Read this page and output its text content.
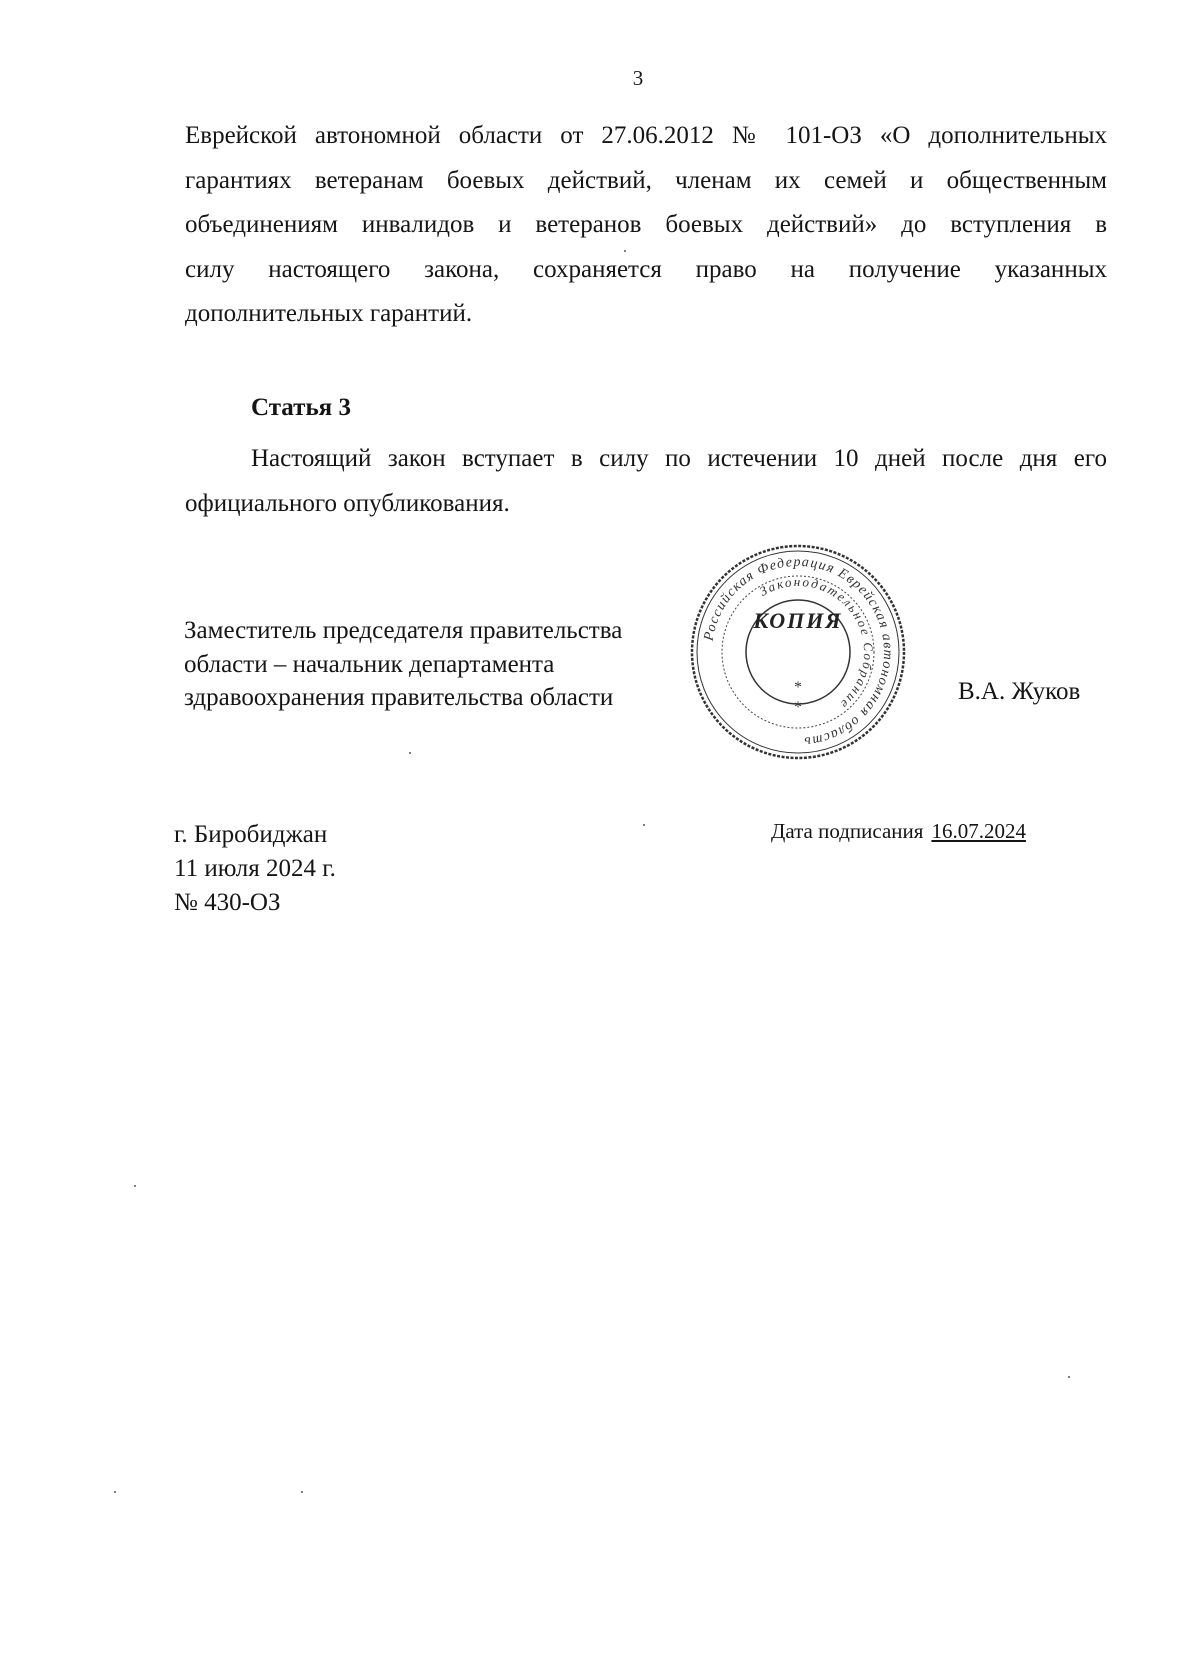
3

Еврейской автономной области от 27.06.2012 № 101-ОЗ «О дополнительных
гарантиях ветеранам боевых действий, членам их семей и общественным
объединениям инвалидов и ветеранов боевых действий» до вступления в
силу настоящего закона, сохраняется право на получение указанных
дополнительных гарантий.

Статья 3

Настоящий закон вступает в силу по истечении 10 дней после дня его
официального опубликования.

Заместитель председателя правительства
области – начальник департамента
здравоохранения правительства области
Российская Федерация Еврейская автономная область
Законодательное Собрание
КОПИЯ
*
*
В.А. Жуков
г. Биробиджан
11 июля 2024 г.
№ 430-ОЗ
Дата подписания 16.07.2024
